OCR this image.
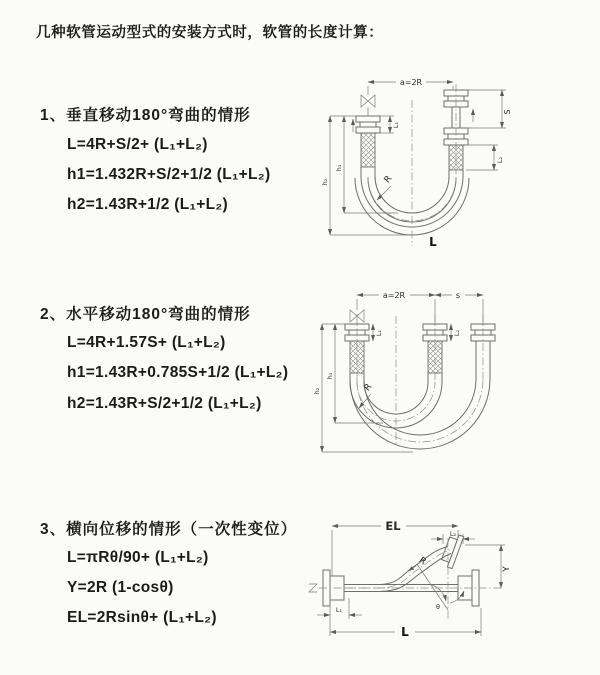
几种软管运动型式的安装方式时，软管的长度计算：
1、垂直移动180°弯曲的情形
L=4R+S/2+ (L₁+L₂)
h1=1.432R+S/2+1/2 (L₁+L₂)
h2=1.43R+1/2 (L₁+L₂)
2、水平移动180°弯曲的情形
L=4R+1.57S+ (L₁+L₂)
h1=1.43R+0.785S+1/2 (L₁+L₂)
h2=1.43R+S/2+1/2 (L₁+L₂)
3、横向位移的情形（一次性变位）
L=πRθ/90+ (L₁+L₂)
Y=2R (1-cosθ)
EL=2Rsinθ+ (L₁+L₂)
a=2R
h₁
h₂
L₁
S
L₂
R
L
a=2R	s
L₁	L₂
h₁
h₂	R
EL
L₂
Y
R
θ
L₁
L
